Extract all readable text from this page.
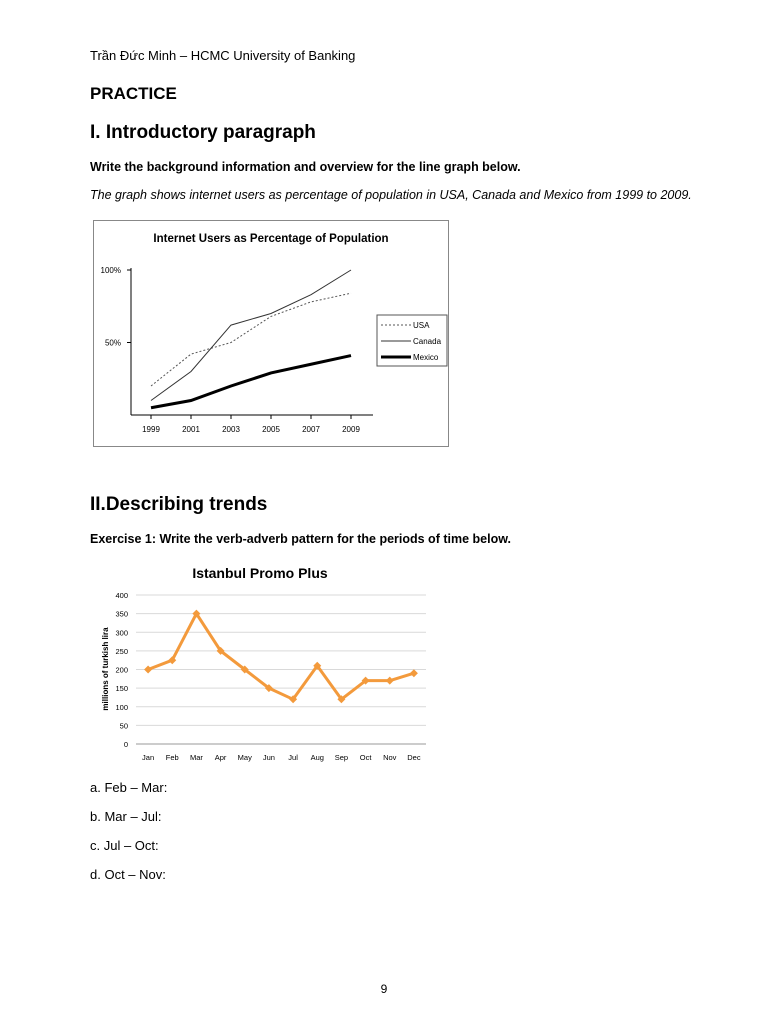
Trần Đức Minh – HCMC University of Banking
PRACTICE
I. Introductory paragraph
Write the background information and overview for the line graph below.
The graph shows internet users as percentage of population in USA, Canada and Mexico from 1999 to 2009.
Internet Users as Percentage of Population
100%
50%
1999	2001	2003	2005	2007	2009
USA
Canada
Mexico
II.Describing trends
Exercise 1: Write the verb-adverb pattern for the periods of time below.
Istanbul Promo Plus
millions of turkish lira
0
50
100
150
200
250
300
350
400
Jan Feb Mar Apr May Jun Jul Aug Sep Oct Nov Dec
a. Feb – Mar:
b. Mar – Jul:
c. Jul – Oct:
d. Oct – Nov:
9
